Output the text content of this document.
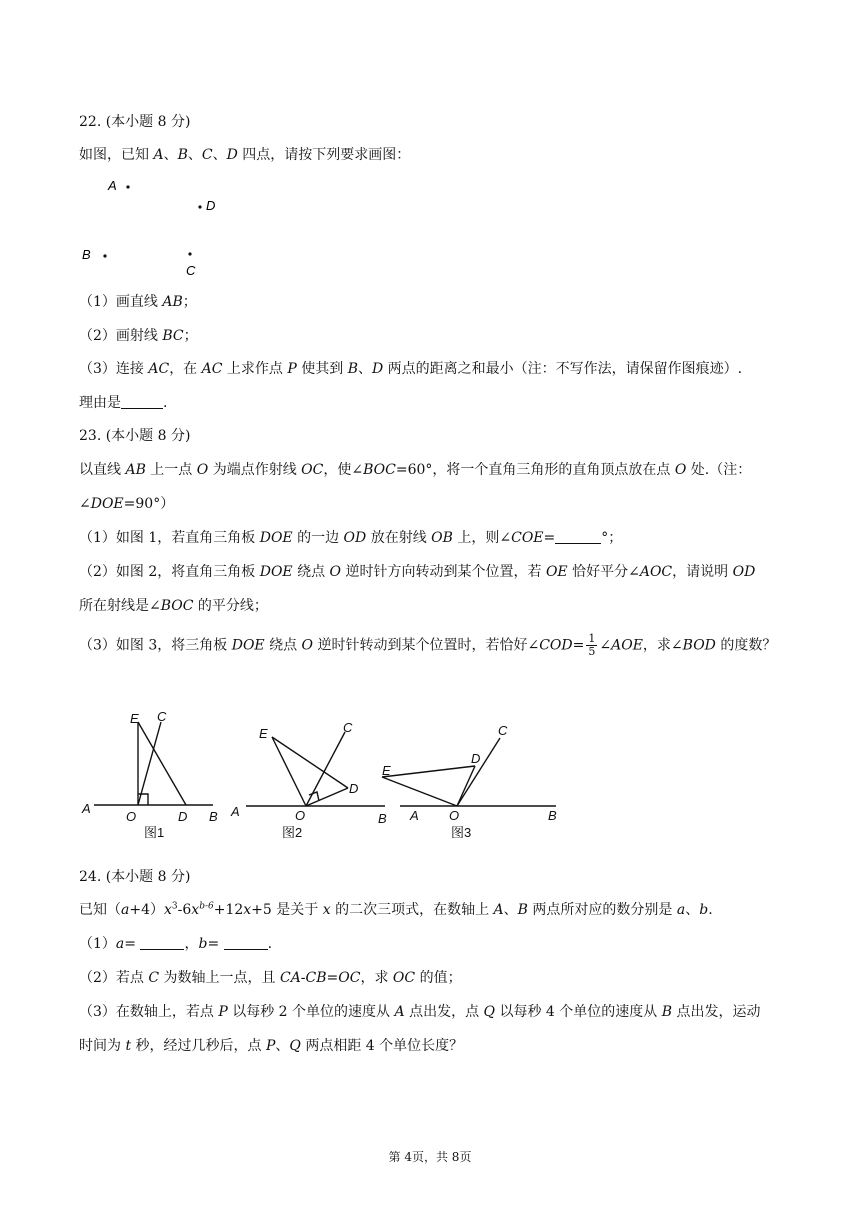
22. (本小题 8 分)
如图，已知 A、B、C、D 四点，请按下列要求画图：
A
D
B
C
（1）画直线 AB；
（2）画射线 BC；
（3）连接 AC，在 AC 上求作点 P 使其到 B、D 两点的距离之和最小（注：不写作法，请保留作图痕迹）.
理由是	.
23. (本小题 8 分)
以直线 AB 上一点 O 为端点作射线 OC，使∠BOC=60°，将一个直角三角形的直角顶点放在点 O 处.（注：
∠DOE=90°）
（1）如图 1，若直角三角板 DOE 的一边 OD 放在射线 OB 上，则∠COE=	°；
（2）如图 2，将直角三角板 DOE 绕点 O 逆时针方向转动到某个位置，若 OE 恰好平分∠AOC，请说明 OD
所在射线是∠BOC 的平分线；
（3）如图 3，将三角板 DOE 绕点 O 逆时针转动到某个位置时，若恰好∠COD= $\frac{1}{5}$ ∠AOE，求∠BOD 的度数？
E C
A
O	D B
图1
E	C
D
A	O	B
图2
E
C
D
A O	B
图3
24. (本小题 8 分)
已知$(a+4)x^3-6x^{b-6}+12x+5$ 是关于 x 的二次三项式，在数轴上 A、B 两点所对应的数分别是 a、b.
（1）a=	，b=	.
（2）若点 C 为数轴上一点，且 CA-CB=OC，求 OC 的值；
（3）在数轴上，若点 P 以每秒 2 个单位的速度从 A 点出发，点 Q 以每秒 4 个单位的速度从 B 点出发，运动
时间为 t 秒，经过几秒后，点 P、Q 两点相距 4 个单位长度？
第 4页，共 8页
